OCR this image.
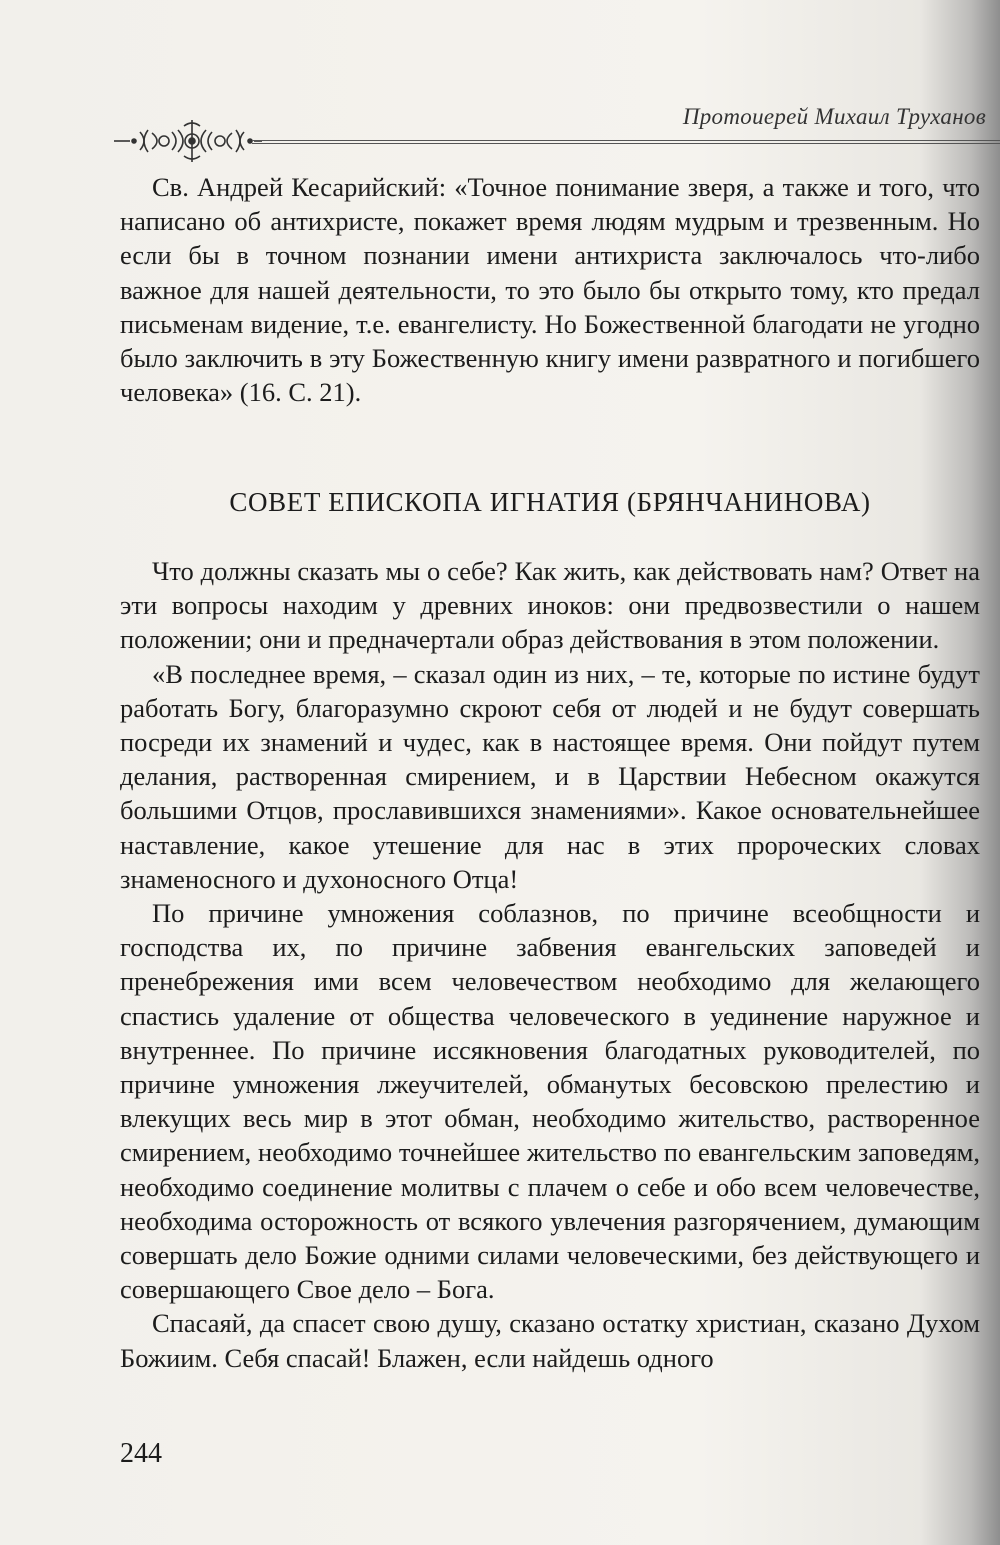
Протоиерей Михаил Труханов

Св. Андрей Кесарийский: «Точное понимание зверя, а также и того, что написано об антихристе, покажет время людям мудрым и трезвенным. Но если бы в точном познании имени антихриста заключалось что-либо важное для нашей деятельности, то это было бы открыто тому, кто предал письменам видение, т.е. евангелисту. Но Божественной благодати не угодно было заключить в эту Божественную книгу имени развратного и погибшего человека» (16. С. 21).

СОВЕТ ЕПИСКОПА ИГНАТИЯ (БРЯНЧАНИНОВА)

Что должны сказать мы о себе? Как жить, как действовать нам? Ответ на эти вопросы находим у древних иноков: они предвозвестили о нашем положении; они и предначертали образ действования в этом положении.

«В последнее время, – сказал один из них, – те, которые по истине будут работать Богу, благоразумно скроют себя от людей и не будут совершать посреди их знамений и чудес, как в настоящее время. Они пойдут путем делания, растворенная смирением, и в Царствии Небесном окажутся большими Отцов, прославившихся знамениями». Какое основательнейшее наставление, какое утешение для нас в этих пророческих словах знаменосного и духоносного Отца!

По причине умножения соблазнов, по причине всеобщности и господства их, по причине забвения евангельских заповедей и пренебрежения ими всем человечеством необходимо для желающего спастись удаление от общества человеческого в уединение наружное и внутреннее. По причине иссякновения благодатных руководителей, по причине умножения лжеучителей, обманутых бесовскою прелестию и влекущих весь мир в этот обман, необходимо жительство, растворенное смирением, необходимо точнейшее жительство по евангельским заповедям, необходимо соединение молитвы с плачем о себе и обо всем человечестве, необходима осторожность от всякого увлечения разгорячением, думающим совершать дело Божие одними силами человеческими, без действующего и совершающего Свое дело – Бога.

Спасаяй, да спасет свою душу, сказано остатку христиан, сказано Духом Божиим. Себя спасай! Блажен, если найдешь одного

244
